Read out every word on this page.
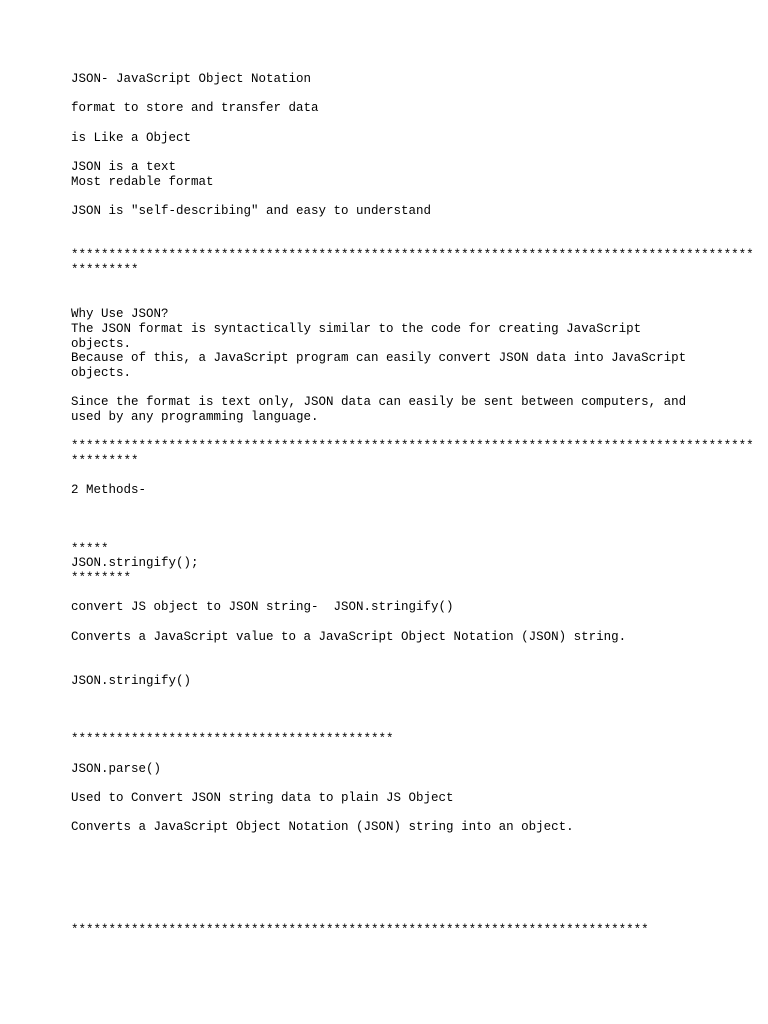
JSON- JavaScript Object Notation

format to store and transfer data

is Like a Object

JSON is a text

Most redable format

JSON is "self-describing" and easy to understand

*******************************************************************************************

*********

Why Use JSON?

The JSON format is syntactically similar to the code for creating JavaScript

objects.

Because of this, a JavaScript program can easily convert JSON data into JavaScript

objects.

Since the format is text only, JSON data can easily be sent between computers, and

used by any programming language.

*******************************************************************************************

*********

2 Methods-

*****

JSON.stringify();

********

convert JS object to JSON string-  JSON.stringify()

Converts a JavaScript value to a JavaScript Object Notation (JSON) string.

JSON.stringify()

*******************************************

JSON.parse()

Used to Convert JSON string data to plain JS Object

Converts a JavaScript Object Notation (JSON) string into an object.

*****************************************************************************
